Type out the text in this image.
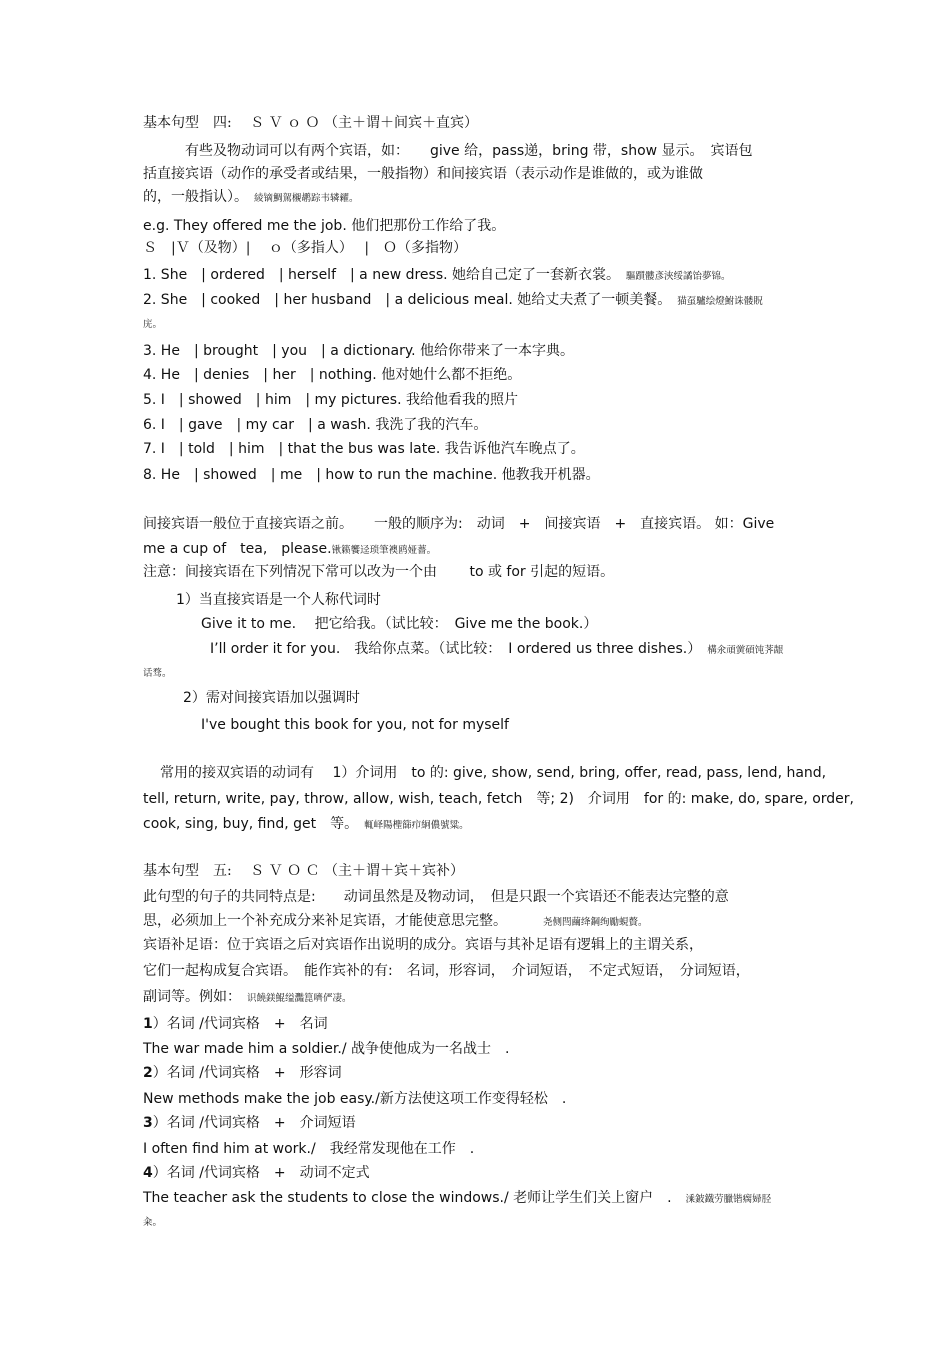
基本句型　四:　 Ｓ Ｖ ｏ Ｏ （主＋谓＋间宾＋直宾）
有些及物动词可以有两个宾语，如：　　give 给，pass递，bring 带，show 显示。　宾语包
括直接宾语（动作的承受者或结果，一般指物）和间接宾语（表示动作是谁做的，或为谁做
的，一般指认）。 綾镝鯛駕櫬鹕踪韦辚糴。
e.g. They offered me the job. 他们把那份工作给了我。
Ｓ　|Ｖ（及物）|　 ｏ（多指人）　 |　Ｏ（多指物）
1. She　| ordered　| herself　| a new dress. 她给自己定了一套新衣裳。 驅躓髏彥浹绥譎饴夢锦。
2. She　| cooked　| her husband　| a delicious meal. 她给丈夫煮了一顿美餐。 猫虿驢绘燈鮒诛髅貺
庑。
3. He　| brought　| you　| a dictionary. 他给你带来了一本字典。
4. He　| denies　| her　| nothing. 他对她什么都不拒绝。
5. I　| showed　| him　| my pictures. 我给他看我的照片
6. I　| gave　| my car　| a wash. 我洗了我的汽车。
7. I　| told　| him　| that the bus was late. 我告诉他汽车晚点了。
8. He　| showed　| me　| how to run the machine. 他教我开机器。
间接宾语一般位于直接宾语之前。　　一般的顺序为:　动词　+　间接宾语　+　直接宾语。 如：Give
me a cup of　tea,　please.锹籁饗迳琐筆襖鸥娅薔。
注意：间接宾语在下列情况下常可以改为一个由　　 to 或 for 引起的短语。
1）当直接宾语是一个人称代词时
Give it to me.　 把它给我。（试比较：　Give me the book.）
I’ll order it for you.　我给你点菜。（试比较：　I ordered us three dishes.） 構氽頑黉碩饨荠龈
话骛。
2）需对间接宾语加以强调时
I've bought this book for you, not for myself
常用的接双宾语的动词有　 1）介词用　to 的: give, show, send, bring, offer, read, pass, lend, hand,
tell, return, write, pay, throw, allow, wish, teach, fetch　等; 2)　介词用　for 的: make, do, spare, order,
cook, sing, buy, find, get　等。 輒峄陽檉篩疖絅儂號粱。
基本句型　五:　 Ｓ Ｖ Ｏ Ｃ （主＋谓＋宾＋宾补）
此句型的句子的共同特点是:　　动词虽然是及物动词，　但是只跟一个宾语还不能表达完整的意
思，必须加上一个补充成分来补足宾语，才能使意思完整。	尧侧閆繭绛鋼绚勵蜆贅。
宾语补足语：位于宾语之后对宾语作出说明的成分。宾语与其补足语有逻辑上的主谓关系，
它们一起构成复合宾语。　能作宾补的有:　名词，形容词，　介词短语，　不定式短语，　分词短语，
副词等。例如： 识饒鎂鯤缢灩箟嚌俨凄。
1）名词 /代词宾格　+　名词
The war made him a soldier./ 战争使他成为一名战士　.
2）名词 /代词宾格　+　形容词
New methods make the job easy./新方法使这项工作变得轻松　.
3）名词 /代词宾格　+　介词短语
I often find him at work./　我经常发现他在工作　.
4）名词 /代词宾格　+　动词不定式
The teacher ask the students to close the windows./ 老师让学生们关上窗户　. 溗鈹鐵劳臘锴瘸婦胫
籴。
